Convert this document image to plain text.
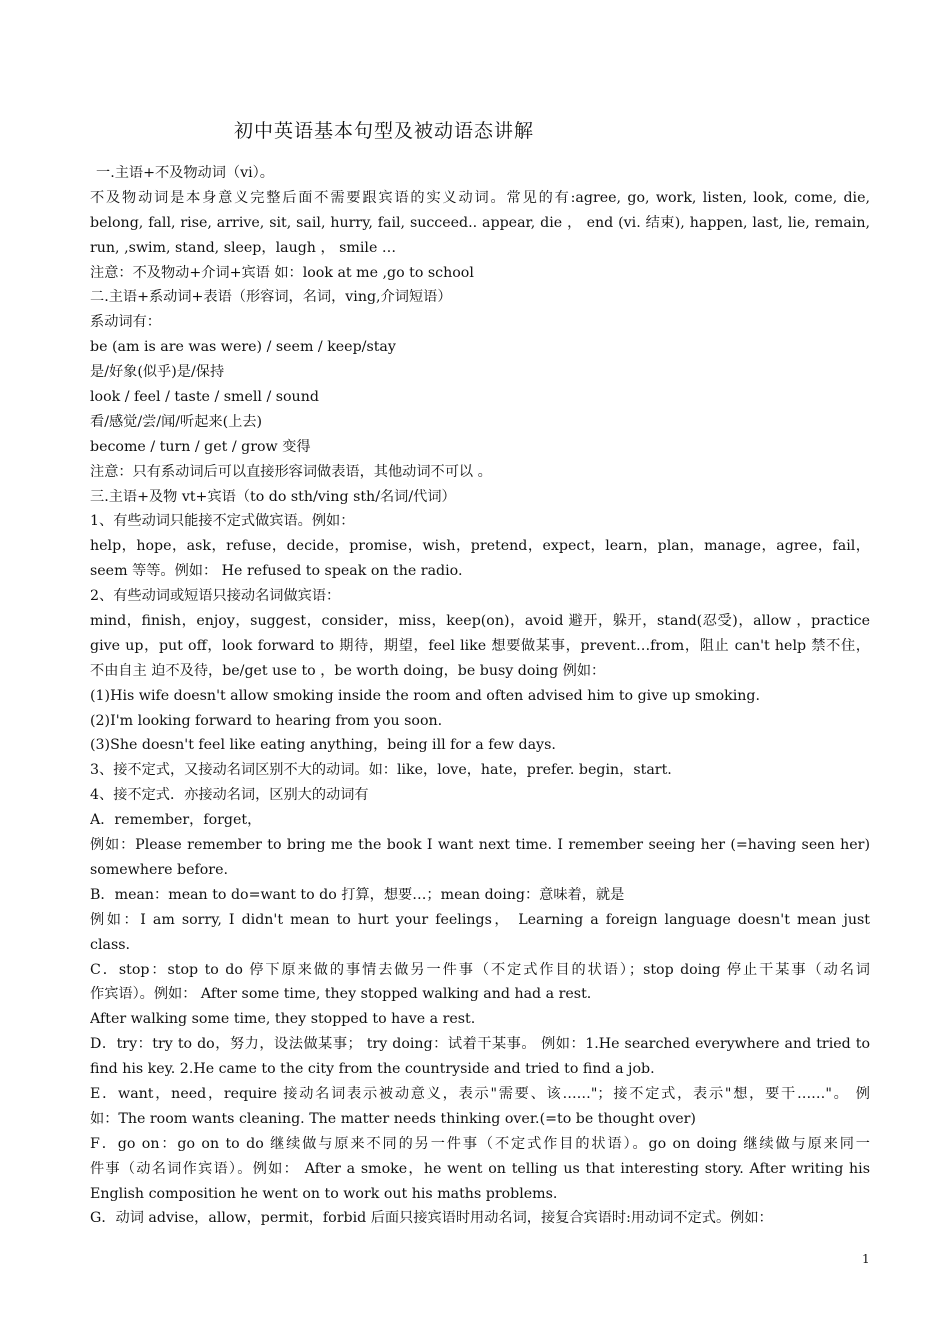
初中英语基本句型及被动语态讲解
一.主语+不及物动词（vi）。
不及物动词是本身意义完整后面不需要跟宾语的实义动词。常见的有:agree, go, work, listen, look, come, die,
belong, fall, rise, arrive, sit, sail, hurry, fail, succeed.. appear, die ， end (vi. 结束), happen, last, lie, remain,
run, ,swim, stand, sleep，laugh ， smile …
注意：不及物动+介词+宾语 如：look at me ,go to school
二.主语+系动词+表语（形容词，名词，ving,介词短语）
系动词有：
be (am is are was were) / seem / keep/stay
是/好象(似乎)是/保持
look / feel / taste / smell / sound
看/感觉/尝/闻/听起来(上去)
become / turn / get / grow 变得
注意：只有系动词后可以直接形容词做表语，其他动词不可以 。
三.主语+及物 vt+宾语（to do sth/ving sth/名词/代词）
1、有些动词只能接不定式做宾语。例如：
help，hope，ask，refuse，decide，promise，wish，pretend，expect，learn，plan，manage，agree，fail，
seem 等等。例如： He refused to speak on the radio.
2、有些动词或短语只接动名词做宾语：
mind，finish，enjoy，suggest，consider，miss，keep(on)，avoid 避开，躲开，stand(忍受)，allow ，practice
give up，put off，look forward to 期待，期望，feel like 想要做某事，prevent…from，阻止 can't help 禁不住，
不由自主 迫不及待，be/get use to ，be worth doing，be busy doing 例如：
(1)His wife doesn't allow smoking inside the room and often advised him to give up smoking.
(2)I'm looking forward to hearing from you soon.
(3)She doesn't feel like eating anything，being ill for a few days.
3、接不定式，又接动名词区别不大的动词。如：like，love，hate，prefer. begin，start.
4、接不定式．亦接动名词，区别大的动词有
A．remember，forget，
例如：Please remember to bring me the book I want next time. I remember seeing her (=having seen her)
somewhere before.
B．mean：mean to do=want to do 打算，想要…；mean doing：意味着，就是
例如：I am sorry, I didn't mean to hurt your feelings， Learning a foreign language doesn't mean just
class.
C．stop：stop to do 停下原来做的事情去做另一件事（不定式作目的状语）；stop doing 停止干某事（动名词
作宾语）。例如： After some time, they stopped walking and had a rest.
After walking some time, they stopped to have a rest.
D．try：try to do，努力，设法做某事； try doing：试着干某事。 例如：1.He searched everywhere and tried to
find his key. 2.He came to the city from the countryside and tried to find a job.
E．want，need，require 接动名词表示被动意义，表示"需要、该……"；接不定式，表示"想，要干……"。 例
如：The room wants cleaning. The matter needs thinking over.(=to be thought over)
F．go on：go on to do 继续做与原来不同的另一件事（不定式作目的状语）。go on doing 继续做与原来同一
件事（动名词作宾语）。例如： After a smoke，he went on telling us that interesting story. After writing his
English composition he went on to work out his maths problems.
G．动词 advise，allow，permit，forbid 后面只接宾语时用动名词，接复合宾语时:用动词不定式。例如：
1
